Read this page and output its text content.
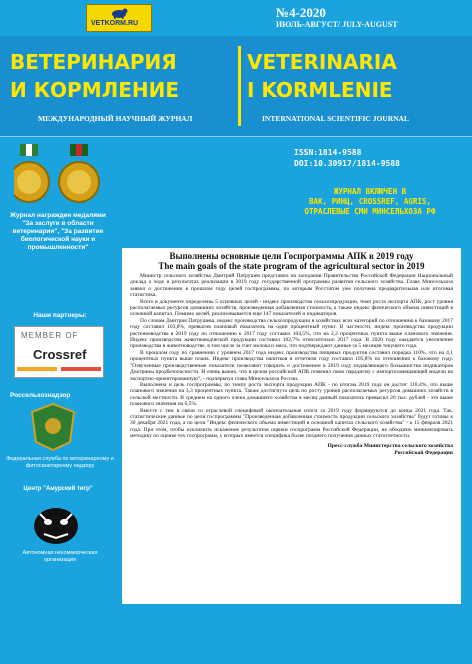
VETKORM.RU
№4-2020
ИЮЛЬ-АВГУСТ/ JULY-AUGUST
ВЕТЕРИНАРИЯ
И КОРМЛЕНИЕ
VETERINARIA
I KORMLENIE
МЕЖДУНАРОДНЫЙ НАУЧНЫЙ ЖУРНАЛ	INTERNATIONAL SCIENTIFIC JOURNAL
Журнал награжден медалями "За заслуги в области ветеринарии", "За развитие биологической науки и промышленности"
ISSN:1814-9588
DOI:10.30917/1814-9588
ЖУРНАЛ ВКЛЮЧЕН В
ВАК, РИНЦ, CROSSREF, AGRIS,
ОТРАСЛЕВЫЕ СМИ МИНСЕЛЬХОЗА РФ
Наши партнеры:
MEMBER OF
Crossref
Россельхознадзор
Федеральная служба по ветеринарному и фитосанитарному надзору
Центр "Амурский тигр"
Автономная некоммерческая организация
Выполнены основные цели Госпрограммы АПК в 2019 году
The main goals of the state program of the agricultural sector in 2019

Министр сельского хозяйства Дмитрий Патрушев представил на заседании Правительства Российской Федерации Национальный доклад о ходе и результатах реализации в 2019 году государственной программы развития сельского хозяйства. Глава Минсельхоза заявил о достижении в прошлом году целей госпрограммы, по которым Росстатом уже получена предварительная или итоговая статистика.

Всего в документе определены 5 основных целей - индекс производства сельхозпродукции, темп роста экспорта АПК, рост уровня располагаемых ресурсов домашних хозяйств, произведенная добавленная стоимость, а также индекс физического объема инвестиций в основной капитал. Помимо целей, реализовывается еще 147 показателей и индикаторов.

По словам Дмитрия Патрушева, индекс производства сельхозпродукции в хозяйствах всех категорий по отношению к базовому 2017 году составил 103,8%, превысив плановый показатель на один процентный пункт. В частности, индекс производства продукции растениеводства в 2019 году по отношению к 2017 году составил 104,5%, что на 2,2 процентных пункта выше планового значения. Индекс производства животноводческой продукции составил 102,7% относительно 2017 года. В 2020 году ожидается увеличение производства в животноводстве, в том числе за счет молока и мяса, что подтверждают данные за 5 месяцев текущего года.

В прошлом году по сравнению с уровнем 2017 года индекс производства пищевых продуктов составил порядка 110%, что на 4,1 процентных пункта выше плана. Индекс производства напитков в отчетном году составил 105,8% по отношению к базовому году. "Озвученные производственные показатели позволяют говорить о достижении в 2019 году подавляющего большинства индикаторов Доктрины продбезопасности. И очень важно, что в целом российский АПК поменял свою парадигму с импортозамещающей модели на экспортно-ориентированную", - подчеркнул глава Минсельхоза России.

Выполнена и цель госпрограммы, по темпу роста экспорта продукции АПК - по итогам 2019 года он достиг 118,4%, что выше планового значения на 3,3 процентных пункта. Также достигнута цель по росту уровня располагаемых ресурсов домашних хозяйств в сельской местности. В среднем на одного члена домашнего хозяйства в месяц данный показатель превысил 20 тыс. рублей - это выше планового значения на 6,5%.

Вместе с тем в связи со отраслевой спецификой окончательные итоги за 2019 году формируются до конца 2021 года. Так, статистические данные по цели госпрограммы "Произведенная добавленная стоимость продукции сельского хозяйства" будут готовы к 30 декабря 2021 года, а по цели "Индекс физического объема инвестиций в основной капитал сельского хозяйства" - к 15 февраля 2021 года. При этом, чтобы исключить искажение результатов оценки госпрограмм Российской Федерации, не обходимо минимизировать методику по оценке тех госпрограмм, у которых имеется специфика более позднего получения данных статотчетности.

Пресс-служба Министерства сельского хозяйства
Российской Федерации
